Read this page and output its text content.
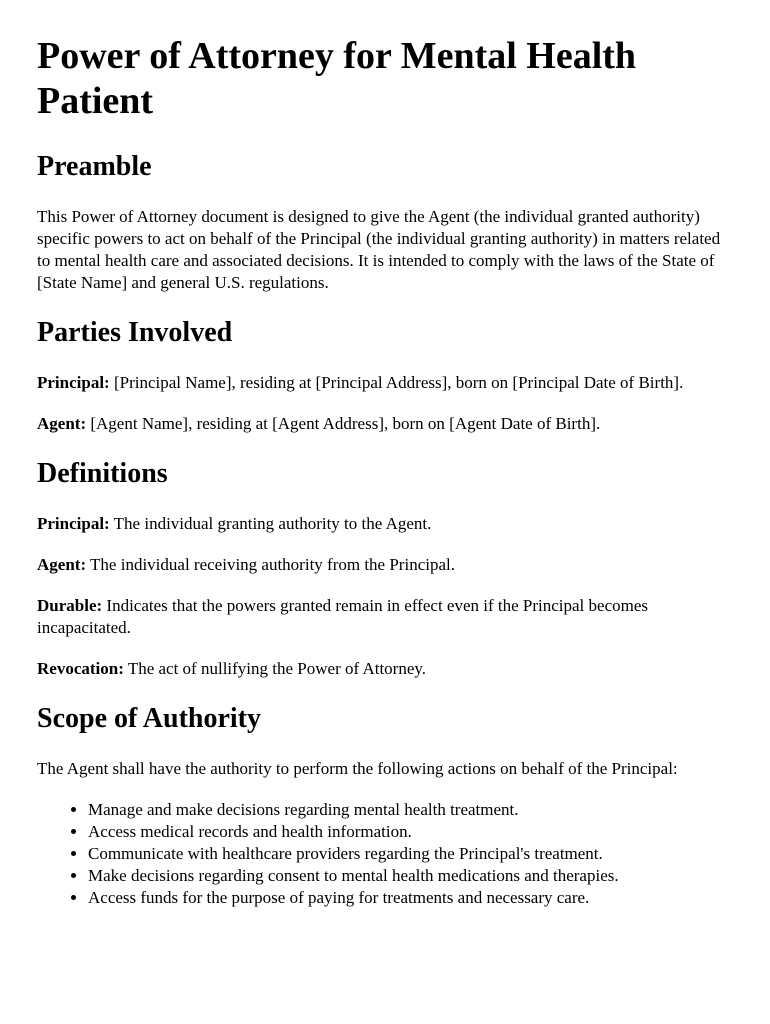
Power of Attorney for Mental Health Patient
Preamble

This Power of Attorney document is designed to give the Agent (the individual granted authority) specific powers to act on behalf of the Principal (the individual granting authority) in matters related to mental health care and associated decisions. It is intended to comply with the laws of the State of [State Name] and general U.S. regulations.

Parties Involved

Principal: [Principal Name], residing at [Principal Address], born on [Principal Date of Birth].

Agent: [Agent Name], residing at [Agent Address], born on [Agent Date of Birth].

Definitions

Principal: The individual granting authority to the Agent.

Agent: The individual receiving authority from the Principal.

Durable: Indicates that the powers granted remain in effect even if the Principal becomes incapacitated.

Revocation: The act of nullifying the Power of Attorney.

Scope of Authority

The Agent shall have the authority to perform the following actions on behalf of the Principal:

• Manage and make decisions regarding mental health treatment.
• Access medical records and health information.
• Communicate with healthcare providers regarding the Principal's treatment.
• Make decisions regarding consent to mental health medications and therapies.
• Access funds for the purpose of paying for treatments and necessary care.
